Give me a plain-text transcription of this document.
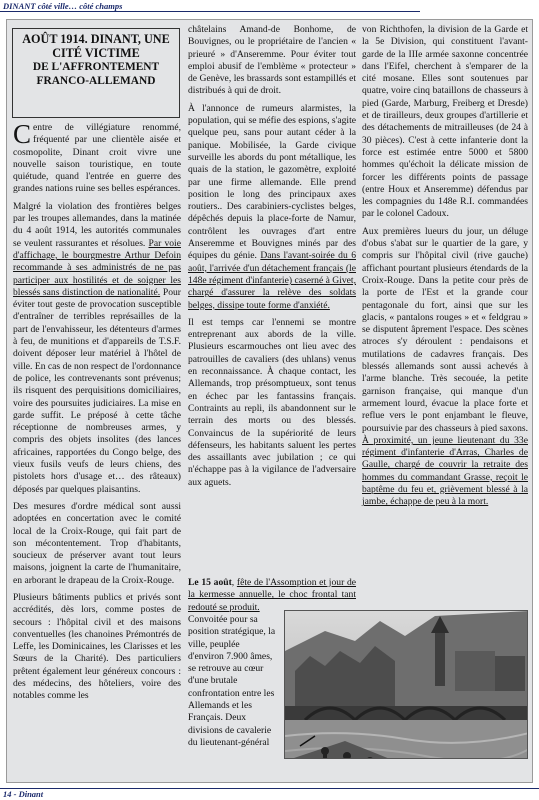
DINANT côté ville… côté champs
AOÛT 1914. DINANT, UNE
CITÉ VICTIME
DE L'AFFRONTEMENT
FRANCO-ALLEMAND

Centre de villégiature renommé, fréquenté par une clientèle aisée et cosmopolite, Dinant croit vivre une nouvelle saison touristique, en toute quiétude, quand l'entrée en guerre des grandes nations ruine ses belles espérances.

Malgré la violation des frontières belges par les troupes allemandes, dans la matinée du 4 août 1914, les autorités communales se veulent rassurantes et résolues. Par voie d'affichage, le bourgmestre Arthur Defoin recommande à ses administrés de ne pas participer aux hostilités et de soigner les blessés sans distinction de nationalité. Pour éviter tout geste de provocation susceptible d'entraîner de terribles représailles de la part de l'envahisseur, les détenteurs d'armes à feu, de munitions et d'appareils de T.S.F. doivent déposer leur matériel à l'hôtel de ville. En cas de non respect de l'ordonnance de police, les contrevenants sont prévenus; ils risquent des perquisitions domiciliaires, voire des poursuites judiciaires. La mise en garde suffit. Le préposé à cette tâche réceptionne de nombreuses armes, y compris des objets insolites (des lances africaines, rapportées du Congo belge, des vieux fusils veufs de leurs chiens, des pistolets hors d'usage et… des râteaux) déposés par quelques plaisantins.

Des mesures d'ordre médical sont aussi adoptées en concertation avec le comité local de la Croix-Rouge, qui fait part de son mécontentement. Trop d'habitants, soucieux de préserver avant tout leurs maisons, joignent la carte de l'humanitaire, en arborant le drapeau de la Croix-Rouge.

Plusieurs bâtiments publics et privés sont accrédités, dès lors, comme postes de secours : l'hôpital civil et des maisons conventuelles (les chanoines Prémontrés de Leffe, les Dominicaines, les Clarisses et les Sœurs de la Charité). Des particuliers prêtent également leur généreux concours : des médecins, des hôteliers, voire des notables comme les

châtelains Amand-de Bonhome, de Bouvignes, ou le propriétaire de l'ancien « prieuré » d'Anseremme. Pour éviter tout emploi abusif de l'emblème « protecteur » de Genève, les brassards sont estampillés et distribués à qui de droit.

À l'annonce de rumeurs alarmistes, la population, qui se méfie des espions, s'agite quelque peu, sans pour autant céder à la panique. Mobilisée, la Garde civique surveille les abords du pont métallique, les quais de la station, le gazomètre, exploité par une firme allemande. Elle prend position le long des principaux axes routiers.. Des carabiniers-cyclistes belges, dépêchés depuis la place-forte de Namur, contrôlent les ouvrages d'art entre Anseremme et Bouvignes minés par des équipes du génie. Dans l'avant-soirée du 6 août, l'arrivée d'un détachement français (le 148e régiment d'infanterie) caserné à Givet, chargé d'assurer la relève des soldats belges, dissipe toute forme d'anxiété.

Il est temps car l'ennemi se montre entreprenant aux abords de la ville. Plusieurs escarmouches ont lieu avec des patrouilles de cavaliers (des uhlans) venus en reconnaissance. À chaque contact, les Allemands, trop présomptueux, sont tenus en échec par les fantassins français. Contraints au repli, ils abandonnent sur le terrain des morts ou des blessés. Convaincus de la supériorité de leurs défenseurs, les habitants saluent les pertes des assaillants avec jubilation ; ce qui n'échappe pas à la vigilance de l'adversaire aux aguets.

Le 15 août, fête de l'Assomption et jour de la kermesse annuelle, le choc frontal tant redouté se produit.
Convoitée pour sa position stratégique, la ville, peuplée d'environ 7.900 âmes, se retrouve au cœur d'une brutale confrontation entre les Allemands et les Français. Deux divisions de cavalerie du lieutenant-général

von Richthofen, la division de la Garde et la 5e Division, qui constituent l'avant-garde de la IIIe armée saxonne concentrée dans l'Eifel, cherchent à s'emparer de la cité mosane. Elles sont soutenues par quatre, voire cinq bataillons de chasseurs à pied (Garde, Marburg, Freiberg et Dresde) et de tirailleurs, deux groupes d'artillerie et des détachements de mitrailleuses (de 24 à 30 pièces). C'est à cette infanterie dont la force est estimée entre 5000 et 5800 hommes qu'échoit la délicate mission de forcer les différents points de passage (entre Houx et Anseremme) défendus par les compagnies du 148e R.I. commandées par le colonel Cadoux.

Aux premières lueurs du jour, un déluge d'obus s'abat sur le quartier de la gare, y compris sur l'hôpital civil (rive gauche) affichant pourtant plusieurs étendards de la Croix-Rouge. Dans la petite cour près de la porte de l'Est et la grande cour pentagonale du fort, ainsi que sur les glacis, « pantalons rouges » et « feldgrau » se disputent âprement l'espace. Des scènes atroces s'y déroulent : pendaisons et mutilations de cadavres français. Des blessés allemands sont aussi achevés à l'arme blanche. Très secouée, la petite garnison française, qui manque d'un armement lourd, évacue la place forte et reflue vers le pont enjambant le fleuve, poursuivie par des chasseurs à pied saxons. À proximité, un jeune lieutenant du 33e régiment d'infanterie d'Arras, Charles de Gaulle, chargé de couvrir la retraite des hommes du commandant Grasse, reçoit le baptême du feu et, grièvement blessé à la jambe, échappe de peu à la mort.

14 - Dinant
